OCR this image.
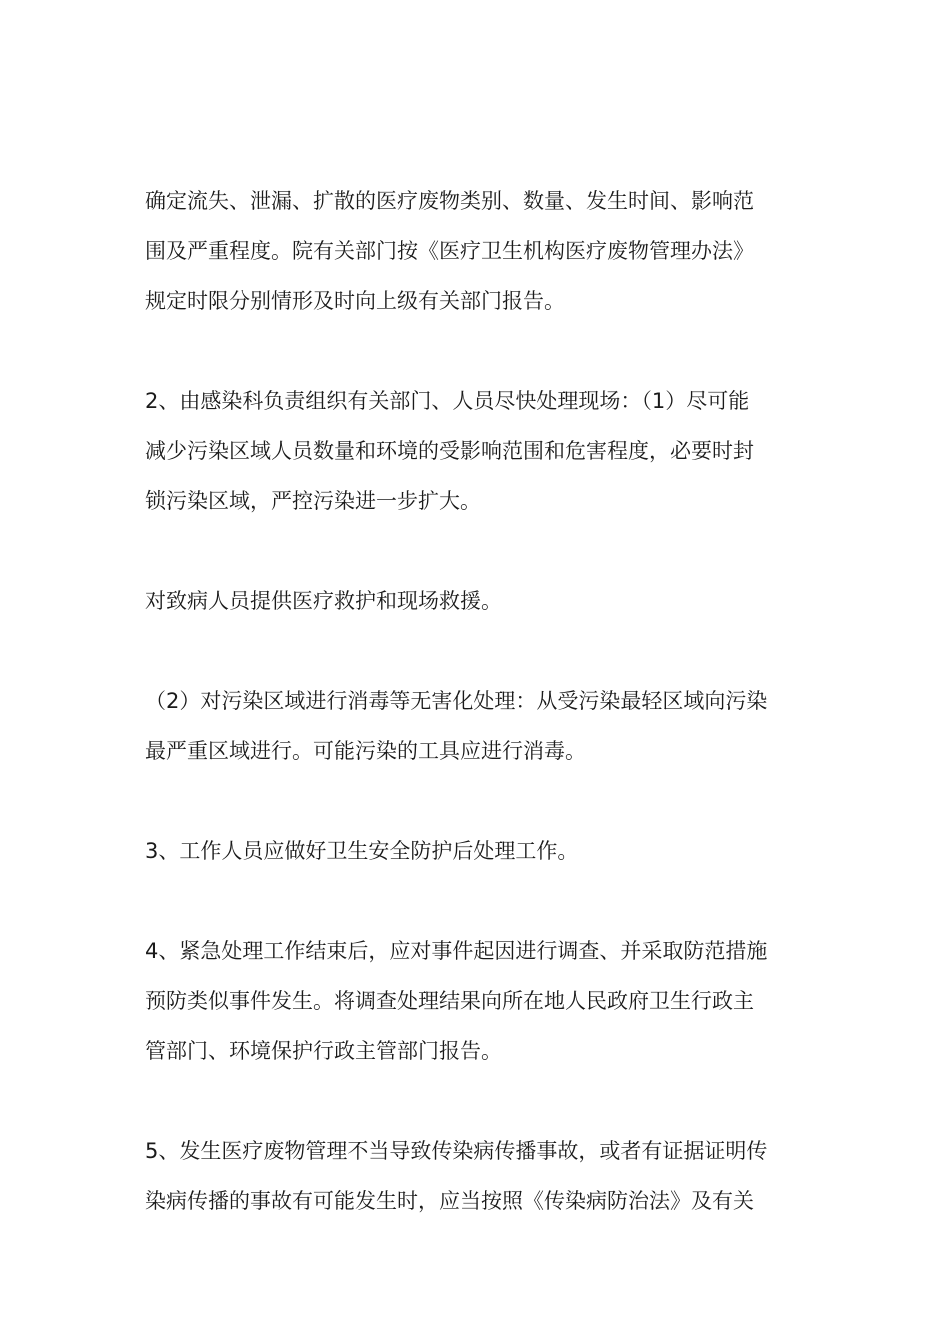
确定流失、泄漏、扩散的医疗废物类别、数量、发生时间、影响范
围及严重程度。院有关部门按《医疗卫生机构医疗废物管理办法》
规定时限分别情形及时向上级有关部门报告。

2、由感染科负责组织有关部门、人员尽快处理现场：（1）尽可能
减少污染区域人员数量和环境的受影响范围和危害程度，必要时封
锁污染区域，严控污染进一步扩大。

对致病人员提供医疗救护和现场救援。

（2）对污染区域进行消毒等无害化处理：从受污染最轻区域向污染
最严重区域进行。可能污染的工具应进行消毒。

3、工作人员应做好卫生安全防护后处理工作。

4、紧急处理工作结束后，应对事件起因进行调查、并采取防范措施
预防类似事件发生。将调查处理结果向所在地人民政府卫生行政主
管部门、环境保护行政主管部门报告。

5、发生医疗废物管理不当导致传染病传播事故，或者有证据证明传
染病传播的事故有可能发生时，应当按照《传染病防治法》及有关
